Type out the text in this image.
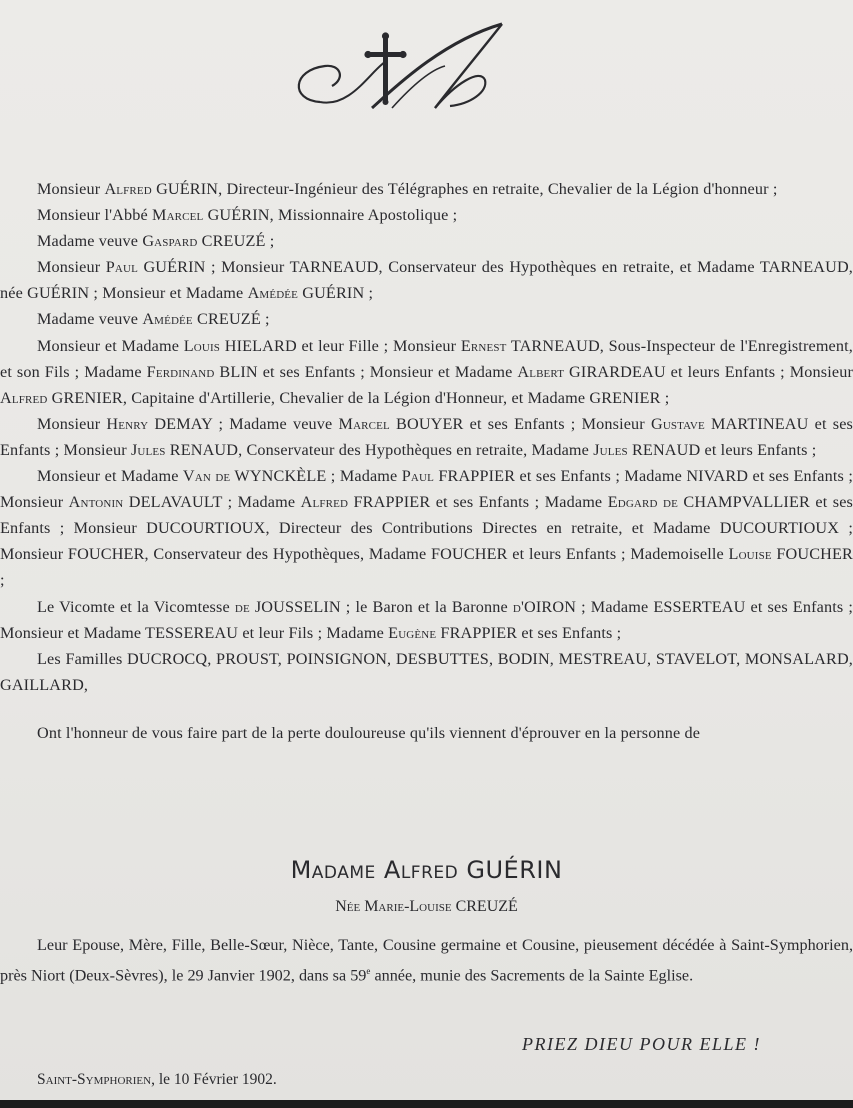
Monsieur Alfred GUÉRIN, Directeur-Ingénieur des Télégraphes en retraite, Chevalier de la Légion d'honneur ;

Monsieur l'Abbé Marcel GUÉRIN, Missionnaire Apostolique ;

Madame veuve Gaspard CREUZÉ ;

Monsieur Paul GUÉRIN ; Monsieur TARNEAUD, Conservateur des Hypothèques en retraite, et Madame TARNEAUD, née GUÉRIN ; Monsieur et Madame Amédée GUÉRIN ;

Madame veuve Amédée CREUZÉ ;

Monsieur et Madame Louis HIELARD et leur Fille ; Monsieur Ernest TARNEAUD, Sous-Inspecteur de l'Enregistrement, et son Fils ; Madame Ferdinand BLIN et ses Enfants ; Monsieur et Madame Albert GIRARDEAU et leurs Enfants ; Monsieur Alfred GRENIER, Capitaine d'Artillerie, Chevalier de la Légion d'Honneur, et Madame GRENIER ;

Monsieur Henry DEMAY ; Madame veuve Marcel BOUYER et ses Enfants ; Monsieur Gustave MARTINEAU et ses Enfants ; Monsieur Jules RENAUD, Conservateur des Hypothèques en retraite, Madame Jules RENAUD et leurs Enfants ;

Monsieur et Madame Van de WYNCKÈLE ; Madame Paul FRAPPIER et ses Enfants ; Madame NIVARD et ses Enfants ; Monsieur Antonin DELAVAULT ; Madame Alfred FRAPPIER et ses Enfants ; Madame Edgard de CHAMPVALLIER et ses Enfants ; Monsieur DUCOURTIOUX, Directeur des Contributions Directes en retraite, et Madame DUCOURTIOUX ; Monsieur FOUCHER, Conservateur des Hypothèques, Madame FOUCHER et leurs Enfants ; Mademoiselle Louise FOUCHER ;

Le Vicomte et la Vicomtesse de JOUSSELIN ; le Baron et la Baronne d'OIRON ; Madame ESSERTEAU et ses Enfants ; Monsieur et Madame TESSEREAU et leur Fils ; Madame Eugène FRAPPIER et ses Enfants ;

Les Familles DUCROCQ, PROUST, POINSIGNON, DESBUTTES, BODIN, MESTREAU, STAVELOT, MONSALARD, GAILLARD,

Ont l'honneur de vous faire part de la perte douloureuse qu'ils viennent d'éprouver en la personne de

Madame Alfred GUÉRIN
Née Marie-Louise CREUZÉ

Leur Epouse, Mère, Fille, Belle-Sœur, Nièce, Tante, Cousine germaine et Cousine, pieusement décédée à Saint-Symphorien, près Niort (Deux-Sèvres), le 29 Janvier 1902, dans sa 59e année, munie des Sacrements de la Sainte Eglise.

PRIEZ DIEU POUR ELLE !
Saint-Symphorien, le 10 Février 1902.
